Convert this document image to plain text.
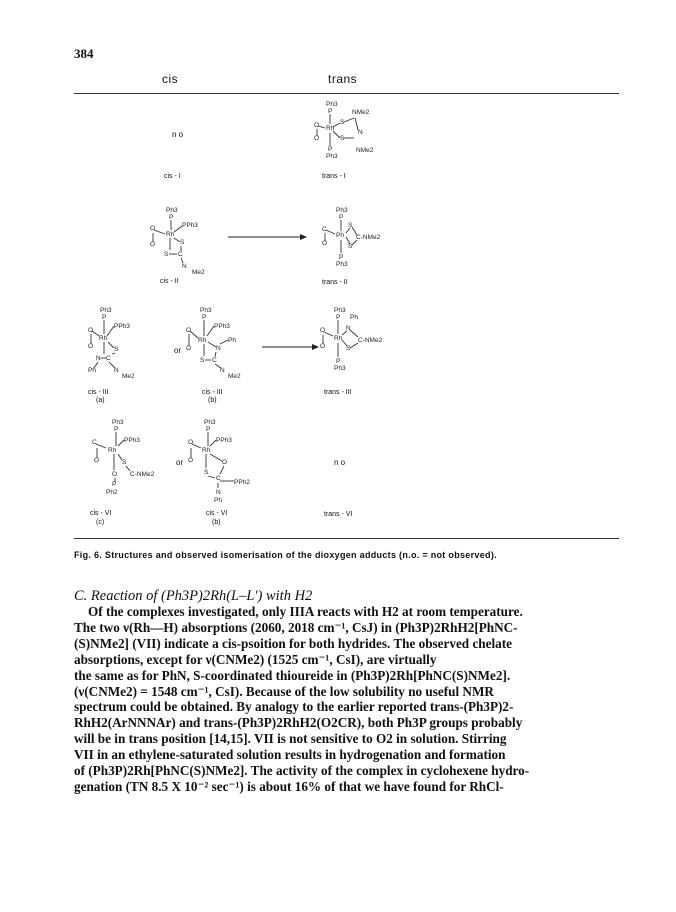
384
cis	trans
n o
Ph3
P	NMe2
O Rh
S
N
O	S
NMe2
P
Ph3
cis - I	trans - I
Ph3
P
PPh3
O
Rh
S
O
S C
N
Me2
Ph3
P
C
S
Ph C-NMe2
O	S
P
Ph3
cis - II	trans - II
Ph3
P
O
PPh3
Rh
O	S
N C
Ph	N
Me2
or
Ph3
P
O
PPh3
Rh	Ph
O	N
S C
N
Me2
Ph3
P Ph
O	N
Rh C-NMe2
O	S
P
Ph3
cis - III
(a)
cis - III
(b)
trans - III
Ph3
P
C	PPh3
Rh
O	S
O C-NMe2
P
Ph2
or
Ph3
P
O	PPh3
Rh
O	O
S
C
PPh2
N
Ph
n o
cis - VI
(c)
cis - VI
(b)
trans - VI
Fig. 6. Structures and observed isomerisation of the dioxygen adducts (n.o. = not observed).
C. Reaction of (Ph3P)2Rh(L–L') with H2
Of the complexes investigated, only IIIA reacts with H2 at room temperature.
The two ν(Rh—H) absorptions (2060, 2018 cm⁻¹, CsJ) in (Ph3P)2RhH2[PhNC-
(S)NMe2] (VII) indicate a cis-psoition for both hydrides. The observed chelate
absorptions, except for ν(CNMe2) (1525 cm⁻¹, CsI), are virtually
the same as for PhN, S-coordinated thioureide in (Ph3P)2Rh[PhNC(S)NMe2].
(ν(CNMe2) = 1548 cm⁻¹, CsI). Because of the low solubility no useful NMR
spectrum could be obtained. By analogy to the earlier reported trans-(Ph3P)2-
RhH2(ArNNNAr) and trans-(Ph3P)2RhH2(O2CR), both Ph3P groups probably
will be in trans position [14,15]. VII is not sensitive to O2 in solution. Stirring
VII in an ethylene-saturated solution results in hydrogenation and formation
of (Ph3P)2Rh[PhNC(S)NMe2]. The activity of the complex in cyclohexene hydro-
genation (TN 8.5 X 10⁻² sec⁻¹) is about 16% of that we have found for RhCl-
